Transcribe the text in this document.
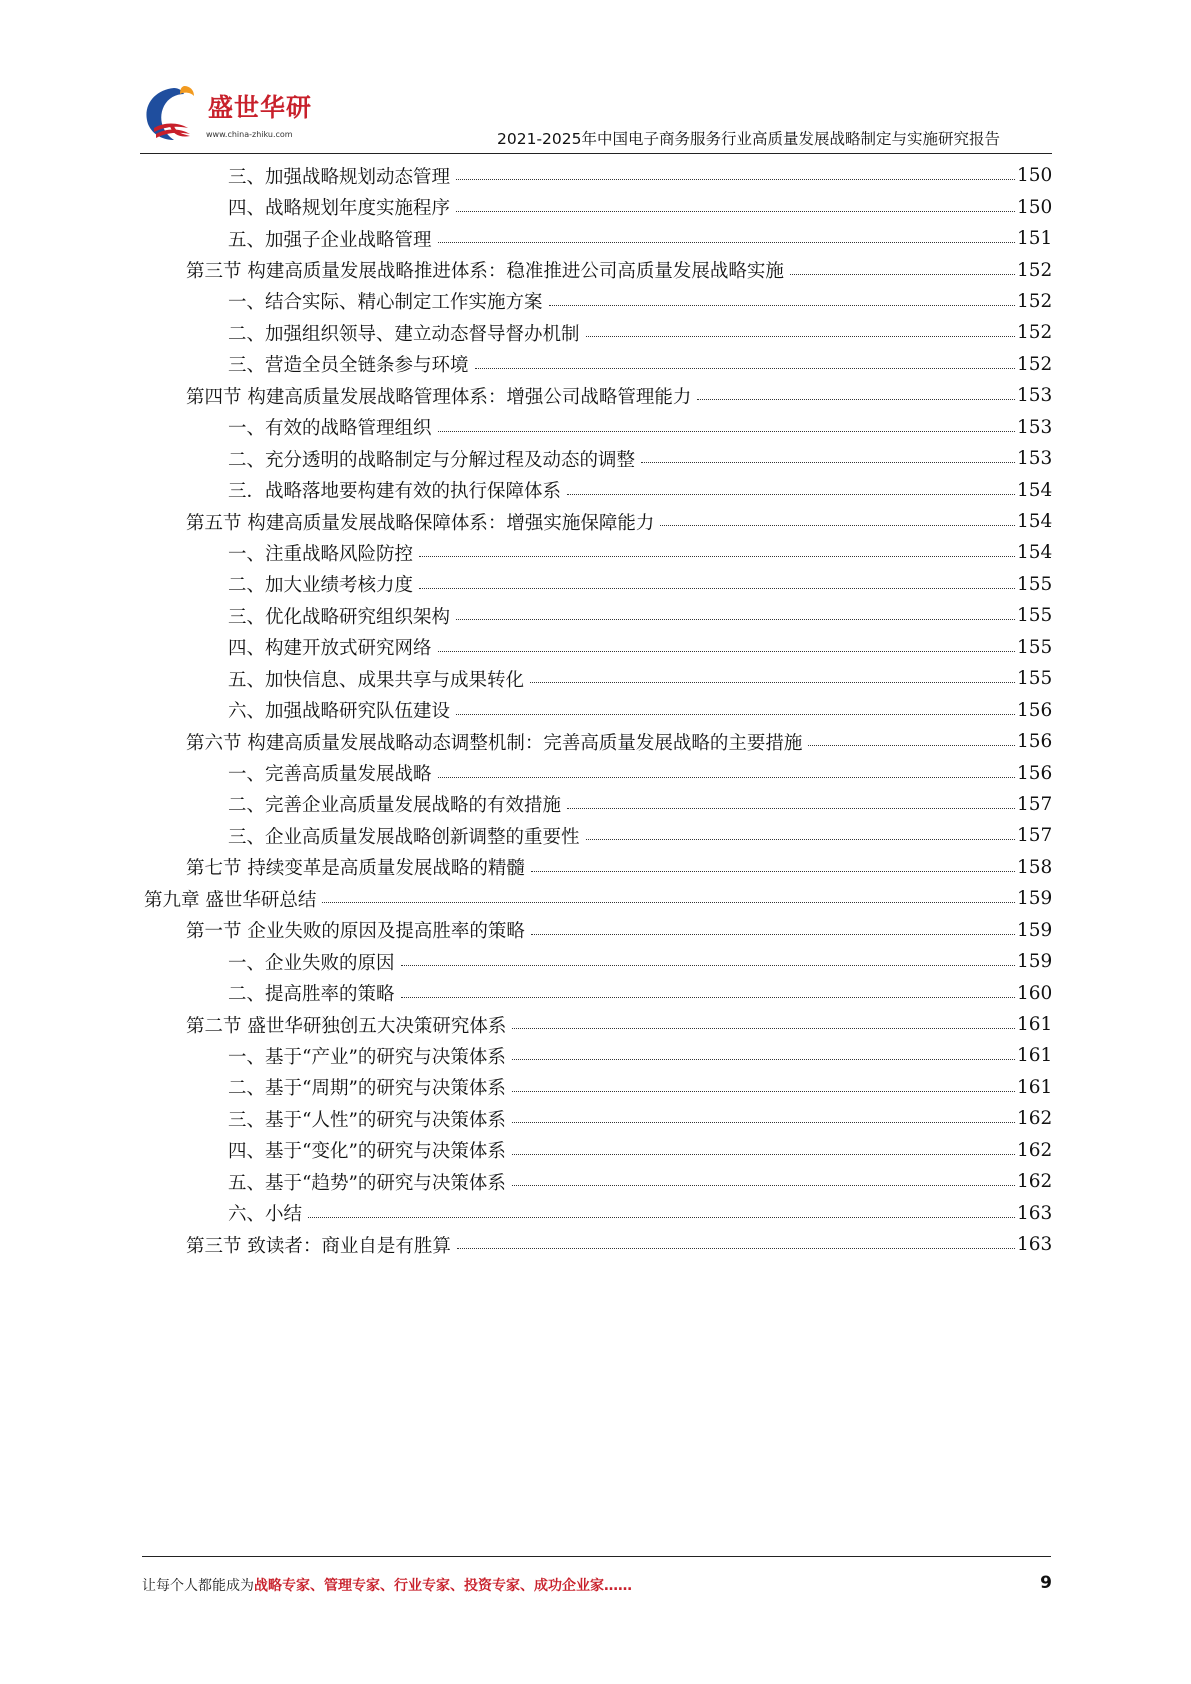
盛世华研
www.china-zhiku.com	2021-2025年中国电子商务服务行业高质量发展战略制定与实施研究报告
三、加强战略规划动态管理	150
四、战略规划年度实施程序	150
五、加强子企业战略管理	151
第三节 构建高质量发展战略推进体系：稳准推进公司高质量发展战略实施	152
一、结合实际、精心制定工作实施方案	152
二、加强组织领导、建立动态督导督办机制	152
三、营造全员全链条参与环境	152
第四节 构建高质量发展战略管理体系：增强公司战略管理能力	153
一、有效的战略管理组织	153
二、充分透明的战略制定与分解过程及动态的调整	153
三．战略落地要构建有效的执行保障体系	154
第五节 构建高质量发展战略保障体系：增强实施保障能力	154
一、注重战略风险防控	154
二、加大业绩考核力度	155
三、优化战略研究组织架构	155
四、构建开放式研究网络	155
五、加快信息、成果共享与成果转化	155
六、加强战略研究队伍建设	156
第六节 构建高质量发展战略动态调整机制：完善高质量发展战略的主要措施	156
一、完善高质量发展战略	156
二、完善企业高质量发展战略的有效措施	157
三、企业高质量发展战略创新调整的重要性	157
第七节 持续变革是高质量发展战略的精髓	158
第九章 盛世华研总结	159
第一节 企业失败的原因及提高胜率的策略	159
一、企业失败的原因	159
二、提高胜率的策略	160
第二节 盛世华研独创五大决策研究体系	161
一、基于“产业”的研究与决策体系	161
二、基于“周期”的研究与决策体系	161
三、基于“人性”的研究与决策体系	162
四、基于“变化”的研究与决策体系	162
五、基于“趋势”的研究与决策体系	162
六、小结	163
第三节 致读者：商业自是有胜算	163
让每个人都能成为战略专家、管理专家、行业专家、投资专家、成功企业家……	9
